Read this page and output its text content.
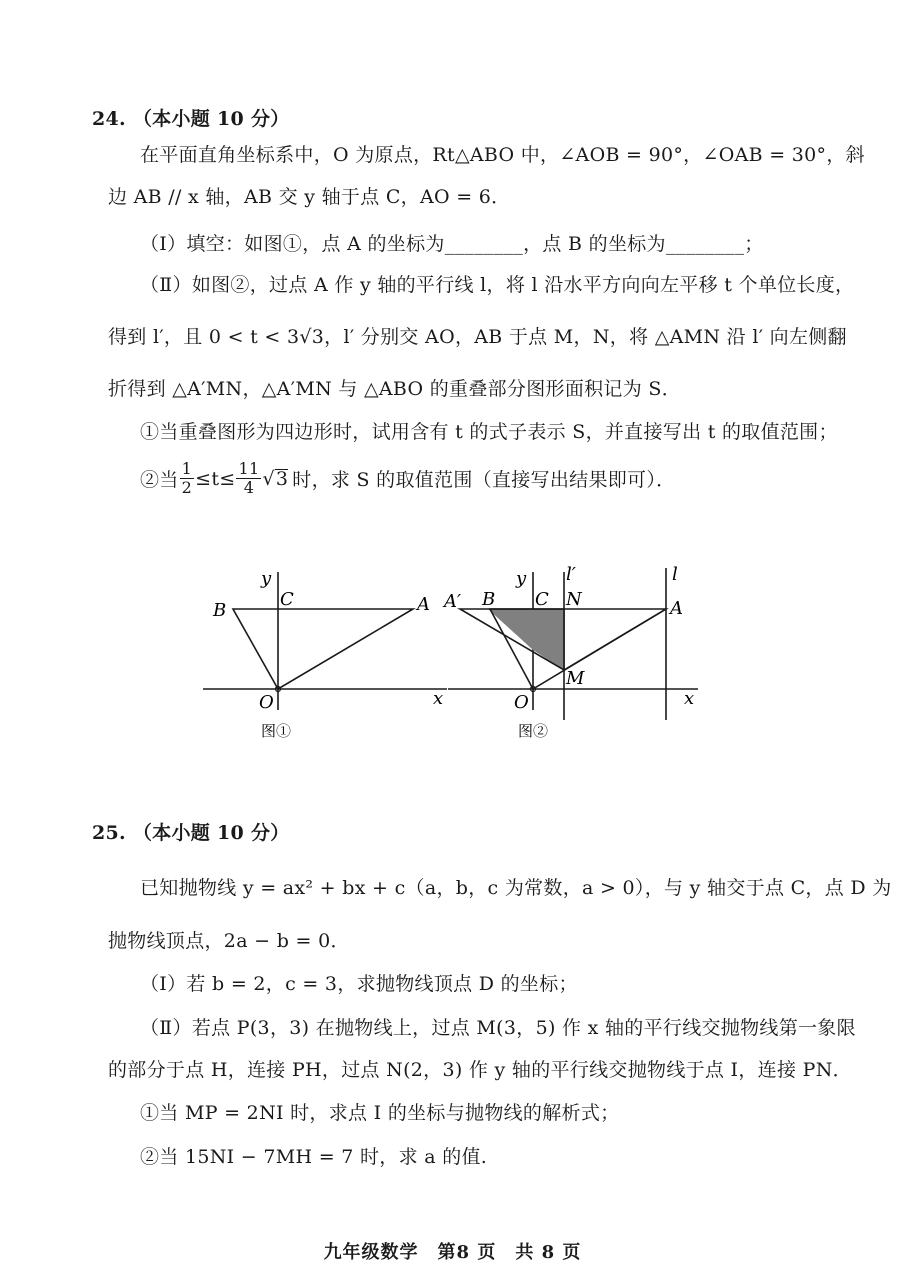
24. （本小题 10 分）
在平面直角坐标系中，O 为原点，Rt△ABO 中，∠AOB = 90°，∠OAB = 30°，斜
边 AB // x 轴，AB 交 y 轴于点 C，AO = 6．
（Ⅰ）填空：如图①，点 A 的坐标为________，点 B 的坐标为________；
（Ⅱ）如图②，过点 A 作 y 轴的平行线 l，将 l 沿水平方向向左平移 t 个单位长度，
得到 l′，且 0 < t < 3√3，l′ 分别交 AO，AB 于点 M，N，将 △AMN 沿 l′ 向左侧翻
折得到 △A′MN，△A′MN 与 △ABO 的重叠部分图形面积记为 S．
①当重叠图形为四边形时，试用含有 t 的式子表示 S，并直接写出 t 的取值范围；
②当 $\frac{1}{2} \le t\le \frac{11}{4}$ √ 3 时，求 S 的取值范围（直接写出结果即可）．
y
x
B
C	A
O
图①
y l′	l
A′ B C N	A
M
O	x
图②
25. （本小题 10 分）
已知抛物线 y = ax² + bx + c（a，b，c 为常数，a > 0），与 y 轴交于点 C，点 D 为
抛物线顶点，2a − b = 0．
（Ⅰ）若 b = 2，c = 3，求抛物线顶点 D 的坐标；
（Ⅱ）若点 P(3，3) 在抛物线上，过点 M(3，5) 作 x 轴的平行线交抛物线第一象限
的部分于点 H，连接 PH，过点 N(2，3) 作 y 轴的平行线交抛物线于点 I，连接 PN．
①当 MP = 2NI 时，求点 I 的坐标与抛物线的解析式；
②当 15NI − 7MH = 7 时，求 a 的值.
九年级数学　第8 页　共 8 页
